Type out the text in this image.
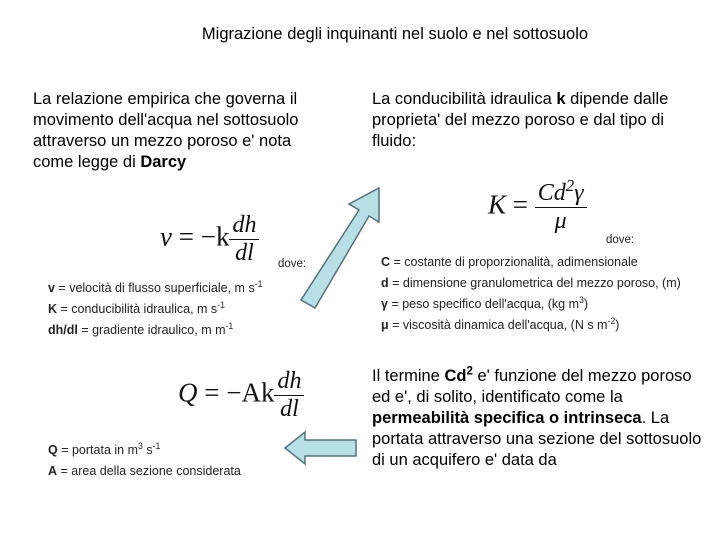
Migrazione degli inquinanti nel suolo e nel sottosuolo
La relazione empirica che governa il movimento dell'acqua nel sottosuolo attraverso un mezzo poroso e' nota come legge di Darcy
La conducibilità idraulica k dipende dalle proprieta' del mezzo poroso e dal tipo di fluido:
$v = -k \frac{dh}{dl}$ dove:
v = velocità di flusso superficiale, m $s^{-1}$
K = conducibilità idraulica, m $s^{-1}$
dh/dl = gradiente idraulico, m $m^{-1}$
$K = \frac{Cd^2\gamma}{\mu}$
dove:
C = costante di proporzionalità, adimensionale
d = dimensione granulometrica del mezzo poroso, (m)
γ = peso specifico dell'acqua, (kg $m^3$)
μ = viscosità dinamica dell'acqua, (N s $m^{-2}$)
$Q = -Ak \frac{dh}{dl}$
Q = portata in $m^3$ $s^{-1}$
A = area della sezione considerata
Il termine Cd$^2$ e' funzione del mezzo poroso ed e', di solito, identificato come la permeabilità specifica o intrinseca. La portata attraverso una sezione del sottosuolo di un acquifero e' data da
